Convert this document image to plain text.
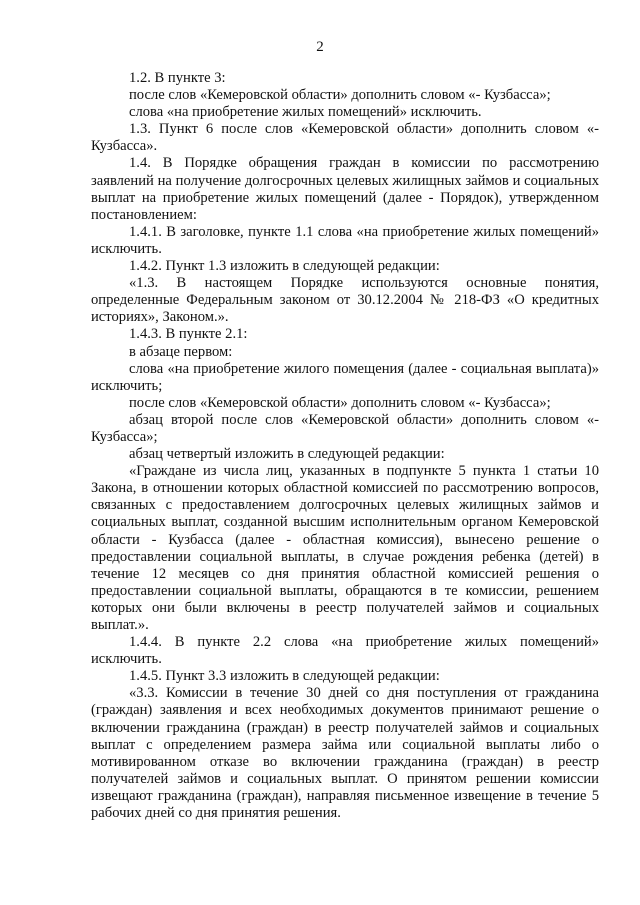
2

1.2. В пункте 3:

после слов «Кемеровской области» дополнить словом «- Кузбасса»;

слова «на приобретение жилых помещений» исключить.

1.3. Пункт 6 после слов «Кемеровской области» дополнить словом «- Кузбасса».

1.4. В Порядке обращения граждан в комиссии по рассмотрению заявлений на получение долгосрочных целевых жилищных займов и социальных выплат на приобретение жилых помещений (далее - Порядок), утвержденном постановлением:

1.4.1. В заголовке, пункте 1.1 слова «на приобретение жилых помещений» исключить.

1.4.2. Пункт 1.3 изложить в следующей редакции:

«1.3. В настоящем Порядке используются основные понятия, определенные Федеральным законом от 30.12.2004 № 218-ФЗ «О кредитных историях», Законом.».

1.4.3. В пункте 2.1:

в абзаце первом:

слова «на приобретение жилого помещения (далее - социальная выплата)» исключить;

после слов «Кемеровской области» дополнить словом «- Кузбасса»;

абзац второй после слов «Кемеровской области» дополнить словом «- Кузбасса»;

абзац четвертый изложить в следующей редакции:

«Граждане из числа лиц, указанных в подпункте 5 пункта 1 статьи 10 Закона, в отношении которых областной комиссией по рассмотрению вопросов, связанных с предоставлением долгосрочных целевых жилищных займов и социальных выплат, созданной высшим исполнительным органом Кемеровской области - Кузбасса (далее - областная комиссия), вынесено решение о предоставлении социальной выплаты, в случае рождения ребенка (детей) в течение 12 месяцев со дня принятия областной комиссией решения о предоставлении социальной выплаты, обращаются в те комиссии, решением которых они были включены в реестр получателей займов и социальных выплат.».

1.4.4. В пункте 2.2 слова «на приобретение жилых помещений» исключить.

1.4.5. Пункт 3.3 изложить в следующей редакции:

«3.3. Комиссии в течение 30 дней со дня поступления от гражданина (граждан) заявления и всех необходимых документов принимают решение о включении гражданина (граждан) в реестр получателей займов и социальных выплат с определением размера займа или социальной выплаты либо о мотивированном отказе во включении гражданина (граждан) в реестр получателей займов и социальных выплат. О принятом решении комиссии извещают гражданина (граждан), направляя письменное извещение в течение 5 рабочих дней со дня принятия решения.
